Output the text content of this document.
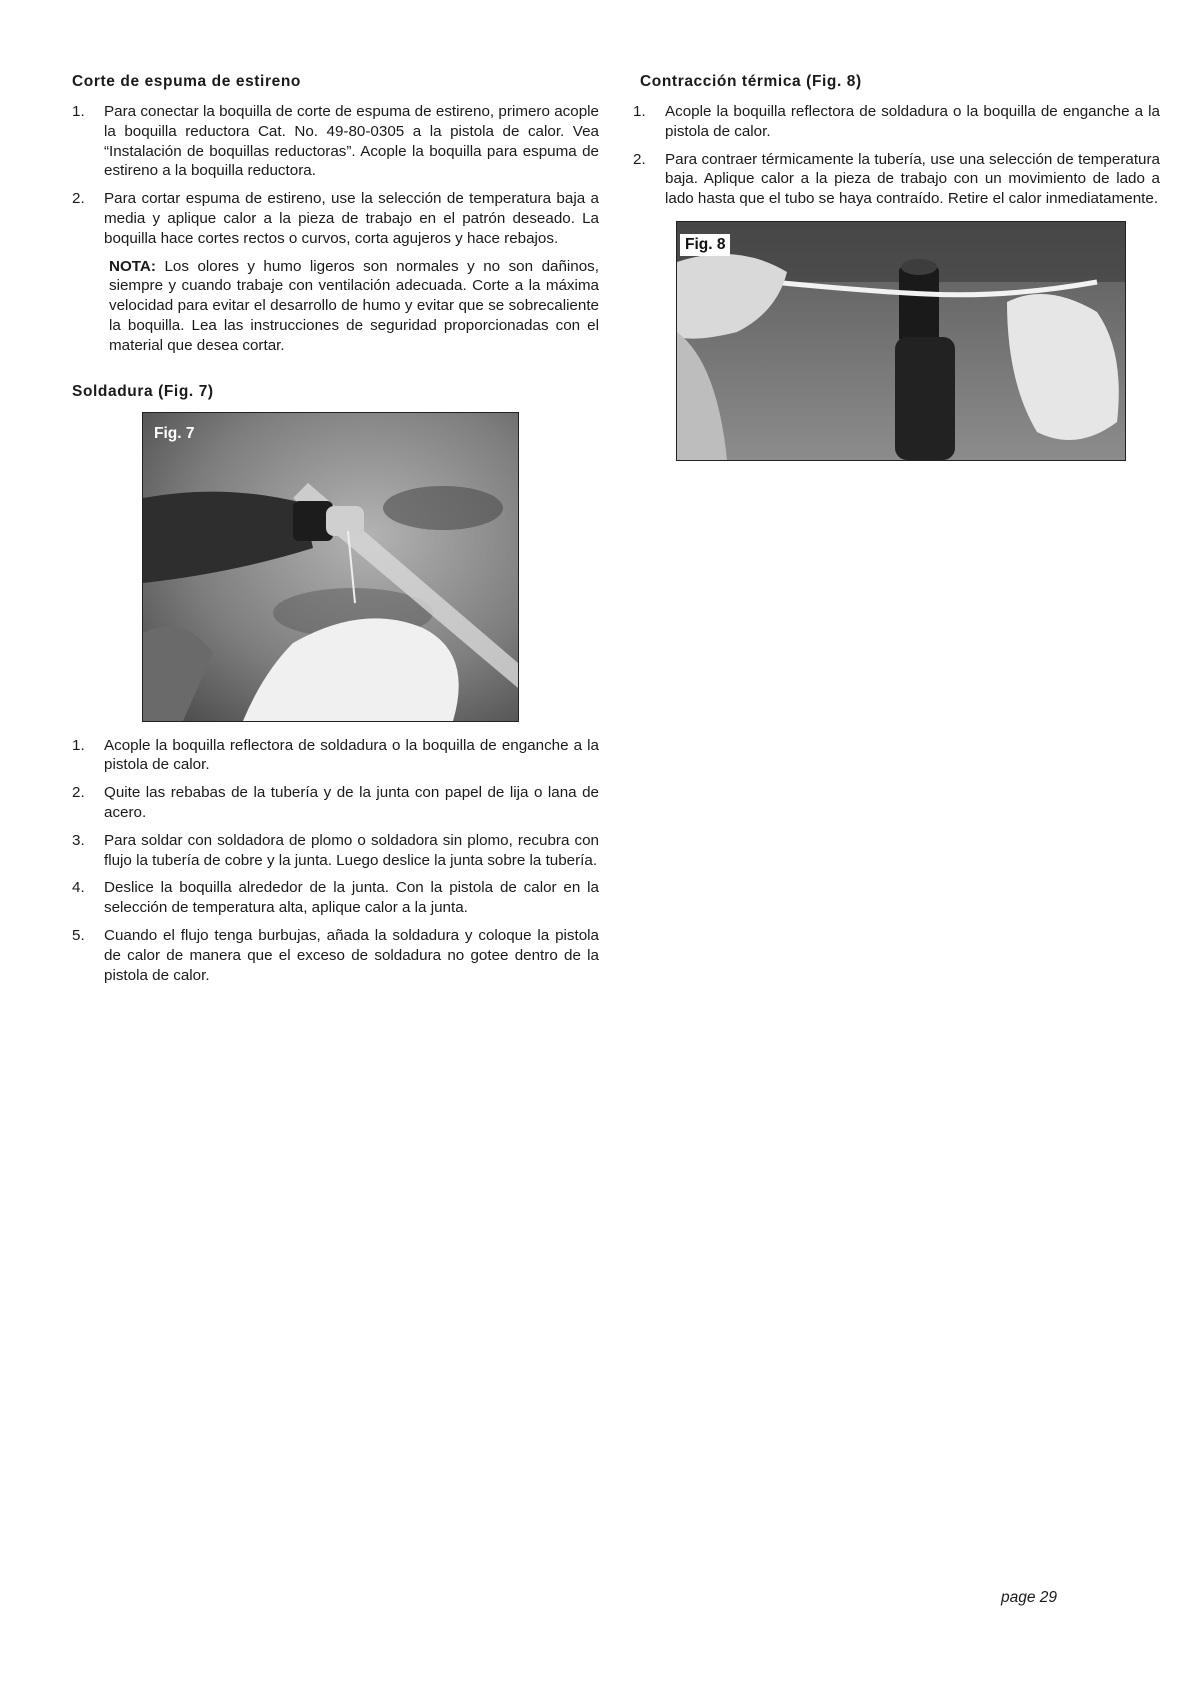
Corte de espuma de estireno
1. Para conectar la boquilla de corte de espuma de estireno, primero acople la boquilla reductora Cat. No. 49-80-0305 a la pistola de calor. Vea “Instalación de boquillas reductoras”. Acople la boquilla para espuma de estireno a la boquilla reductora.
2. Para cortar espuma de estireno, use la selección de temperatura baja a media y aplique calor a la pieza de trabajo en el patrón deseado. La boquilla hace cortes rectos o curvos, corta agujeros y hace rebajos.

NOTA: Los olores y humo ligeros son normales y no son dañinos, siempre y cuando trabaje con ventilación adecuada. Corte a la máxima velocidad para evitar el desarrollo de humo y evitar que se sobrecaliente la boquilla. Lea las instrucciones de seguridad proporcionadas con el material que desea cortar.

Soldadura (Fig. 7)
Fig. 7
1. Acople la boquilla reflectora de soldadura o la boquilla de enganche a la pistola de calor.
2. Quite las rebabas de la tubería y de la junta con papel de lija o lana de acero.
3. Para soldar con soldadora de plomo o soldadora sin plomo, recubra con flujo la tubería de cobre y la junta. Luego deslice la junta sobre la tubería.
4. Deslice la boquilla alrededor de la junta. Con la pistola de calor en la selección de temperatura alta, aplique calor a la junta.
5. Cuando el flujo tenga burbujas, añada la soldadura y coloque la pistola de calor de manera que el exceso de soldadura no gotee dentro de la pistola de calor.
Contracción térmica (Fig. 8)
1. Acople la boquilla reflectora de soldadura o la boquilla de enganche a la pistola de calor.
2. Para contraer térmicamente la tubería, use una selección de temperatura baja. Aplique calor a la pieza de trabajo con un movimiento de lado a lado hasta que el tubo se haya contraído. Retire el calor inmediatamente.
Fig. 8
page 29
